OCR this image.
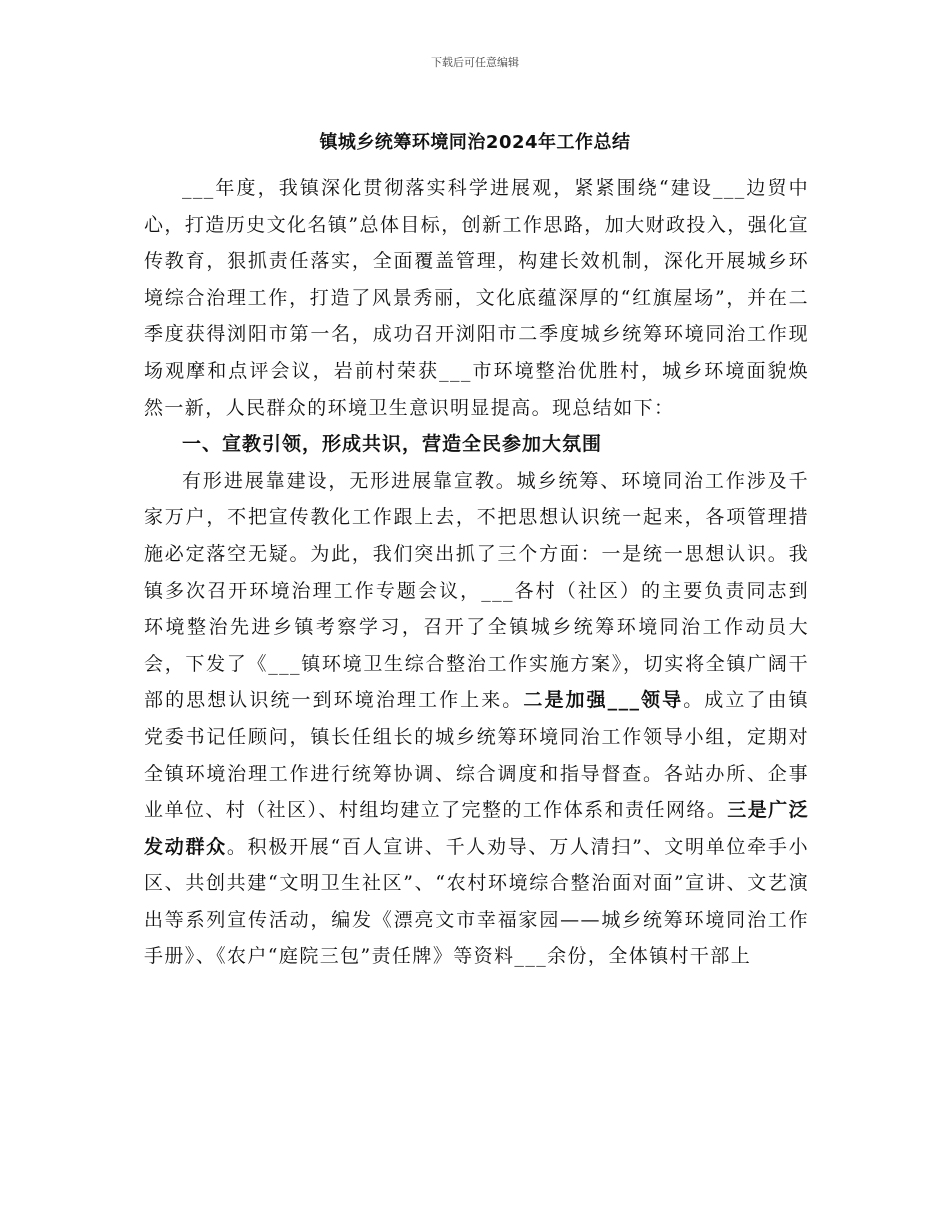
下载后可任意编辑
镇城乡统筹环境同治2024年工作总结

___年度，我镇深化贯彻落实科学进展观，紧紧围绕“建设___边贸中心，打造历史文化名镇”总体目标，创新工作思路，加大财政投入，强化宣传教育，狠抓责任落实，全面覆盖管理，构建长效机制，深化开展城乡环境综合治理工作，打造了风景秀丽，文化底蕴深厚的“红旗屋场”，并在二季度获得浏阳市第一名，成功召开浏阳市二季度城乡统筹环境同治工作现场观摩和点评会议，岩前村荣获___市环境整治优胜村，城乡环境面貌焕然一新，人民群众的环境卫生意识明显提高。现总结如下：

一、宣教引领，形成共识，营造全民参加大氛围

有形进展靠建设，无形进展靠宣教。城乡统筹、环境同治工作涉及千家万户，不把宣传教化工作跟上去，不把思想认识统一起来，各项管理措施必定落空无疑。为此，我们突出抓了三个方面：一是统一思想认识。我镇多次召开环境治理工作专题会议，___各村（社区）的主要负责同志到环境整治先进乡镇考察学习，召开了全镇城乡统筹环境同治工作动员大会，下发了《___镇环境卫生综合整治工作实施方案》，切实将全镇广阔干部的思想认识统一到环境治理工作上来。二是加强___领导。成立了由镇党委书记任顾问，镇长任组长的城乡统筹环境同治工作领导小组，定期对全镇环境治理工作进行统筹协调、综合调度和指导督查。各站办所、企事业单位、村（社区）、村组均建立了完整的工作体系和责任网络。三是广泛发动群众。积极开展“百人宣讲、千人劝导、万人清扫”、文明单位牵手小区、共创共建“文明卫生社区”、“农村环境综合整治面对面”宣讲、文艺演出等系列宣传活动，编发《漂亮文市幸福家园——城乡统筹环境同治工作手册》、《农户“庭院三包”责任牌》等资料___余份，全体镇村干部上
